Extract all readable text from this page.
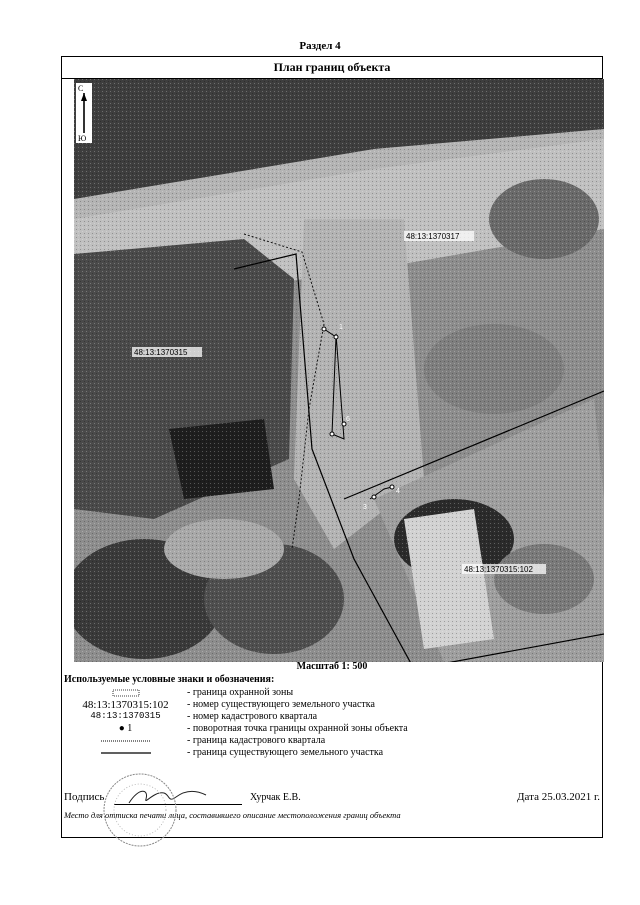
Раздел 4
План границ объекта
С
Ю
1
6
3
4
48:13:1370317
48:13:1370315
48:13:1370315:102
Масштаб 1: 500
Используемые условные знаки и обозначения:
- граница охранной зоны
48:13:1370315:102	- номер существующего земельного участка
48:13:1370315	- номер кадастрового квартала
● 1	- поворотная точка границы охранной зоны объекта
- граница кадастрового квартала
- граница существующего земельного участка
Подпись	Хурчак Е.В.	Дата 25.03.2021 г.
Место для оттиска печати лица, составившего описание местоположения границ объекта
